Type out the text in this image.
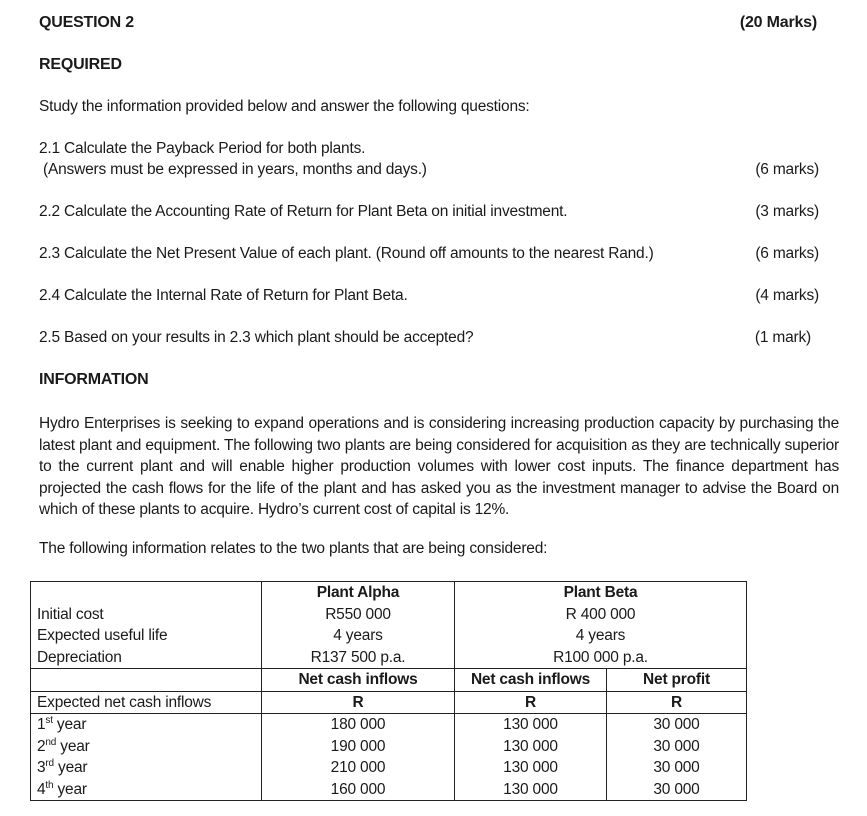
QUESTION 2	(20 Marks)
REQUIRED
Study the information provided below and answer the following questions:
2.1 Calculate the Payback Period for both plants.
(Answers must be expressed in years, months and days.)	(6 marks)
2.2 Calculate the Accounting Rate of Return for Plant Beta on initial investment.	(3 marks)
2.3 Calculate the Net Present Value of each plant. (Round off amounts to the nearest Rand.)	(6 marks)
2.4 Calculate the Internal Rate of Return for Plant Beta.	(4 marks)
2.5 Based on your results in 2.3 which plant should be accepted?	(1 mark)
INFORMATION
Hydro Enterprises is seeking to expand operations and is considering increasing production capacity by purchasing the latest plant and equipment. The following two plants are being considered for acquisition as they are technically superior to the current plant and will enable higher production volumes with lower cost inputs. The finance department has projected the cash flows for the life of the plant and has asked you as the investment manager to advise the Board on which of these plants to acquire. Hydro’s current cost of capital is 12%.
The following information relates to the two plants that are being considered:
	Plant Alpha	Plant Beta	
Initial cost	R550 000	R 400 000	
Expected useful life	4 years	4 years	
Depreciation	R137 500 p.a.	R100 000 p.a.	
	Net cash inflows	Net cash inflows	Net profit
Expected net cash inflows	R	R	R
1st year	180 000	130 000	30 000
2nd year	190 000	130 000	30 000
3rd year	210 000	130 000	30 000
4th year	160 000	130 000	30 000
